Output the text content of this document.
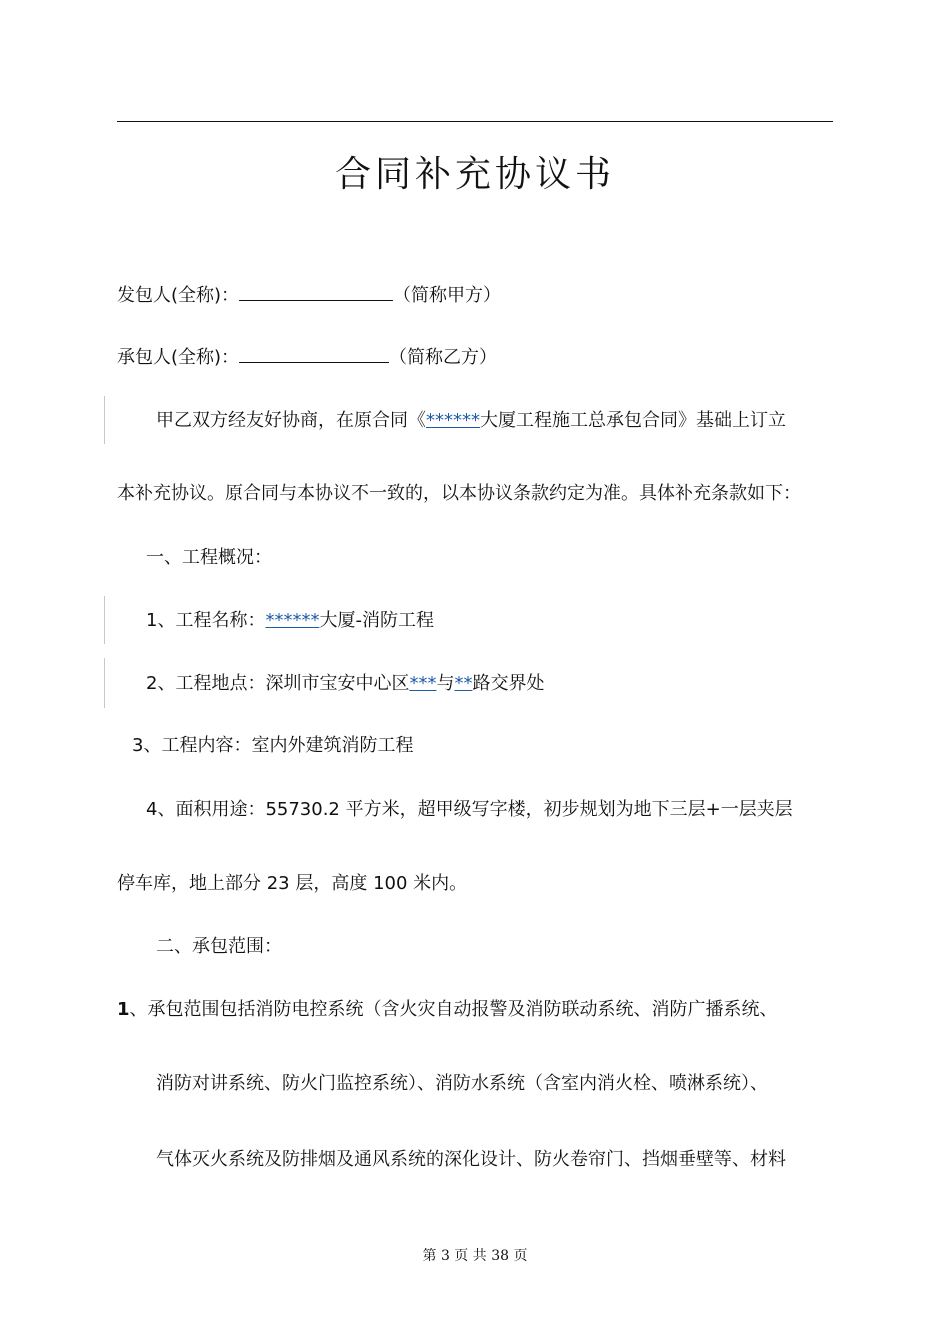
合同补充协议书
发包人(全称)：	（简称甲方）
承包人(全称)：	（简称乙方）
甲乙双方经友好协商，在原合同《******大厦工程施工总承包合同》基础上订立
本补充协议。原合同与本协议不一致的，以本协议条款约定为准。具体补充条款如下：
一、工程概况：
1、工程名称：******大厦-消防工程
2、工程地点：深圳市宝安中心区***与**路交界处
3、工程内容：室内外建筑消防工程
4、面积用途：55730.2 平方米，超甲级写字楼，初步规划为地下三层+一层夹层
停车库，地上部分 23 层，高度 100 米内。
二、承包范围：
1、承包范围包括消防电控系统（含火灾自动报警及消防联动系统、消防广播系统、
消防对讲系统、防火门监控系统）、消防水系统（含室内消火栓、喷淋系统）、
气体灭火系统及防排烟及通风系统的深化设计、防火卷帘门、挡烟垂壁等、材料
第 3 页 共 38 页
